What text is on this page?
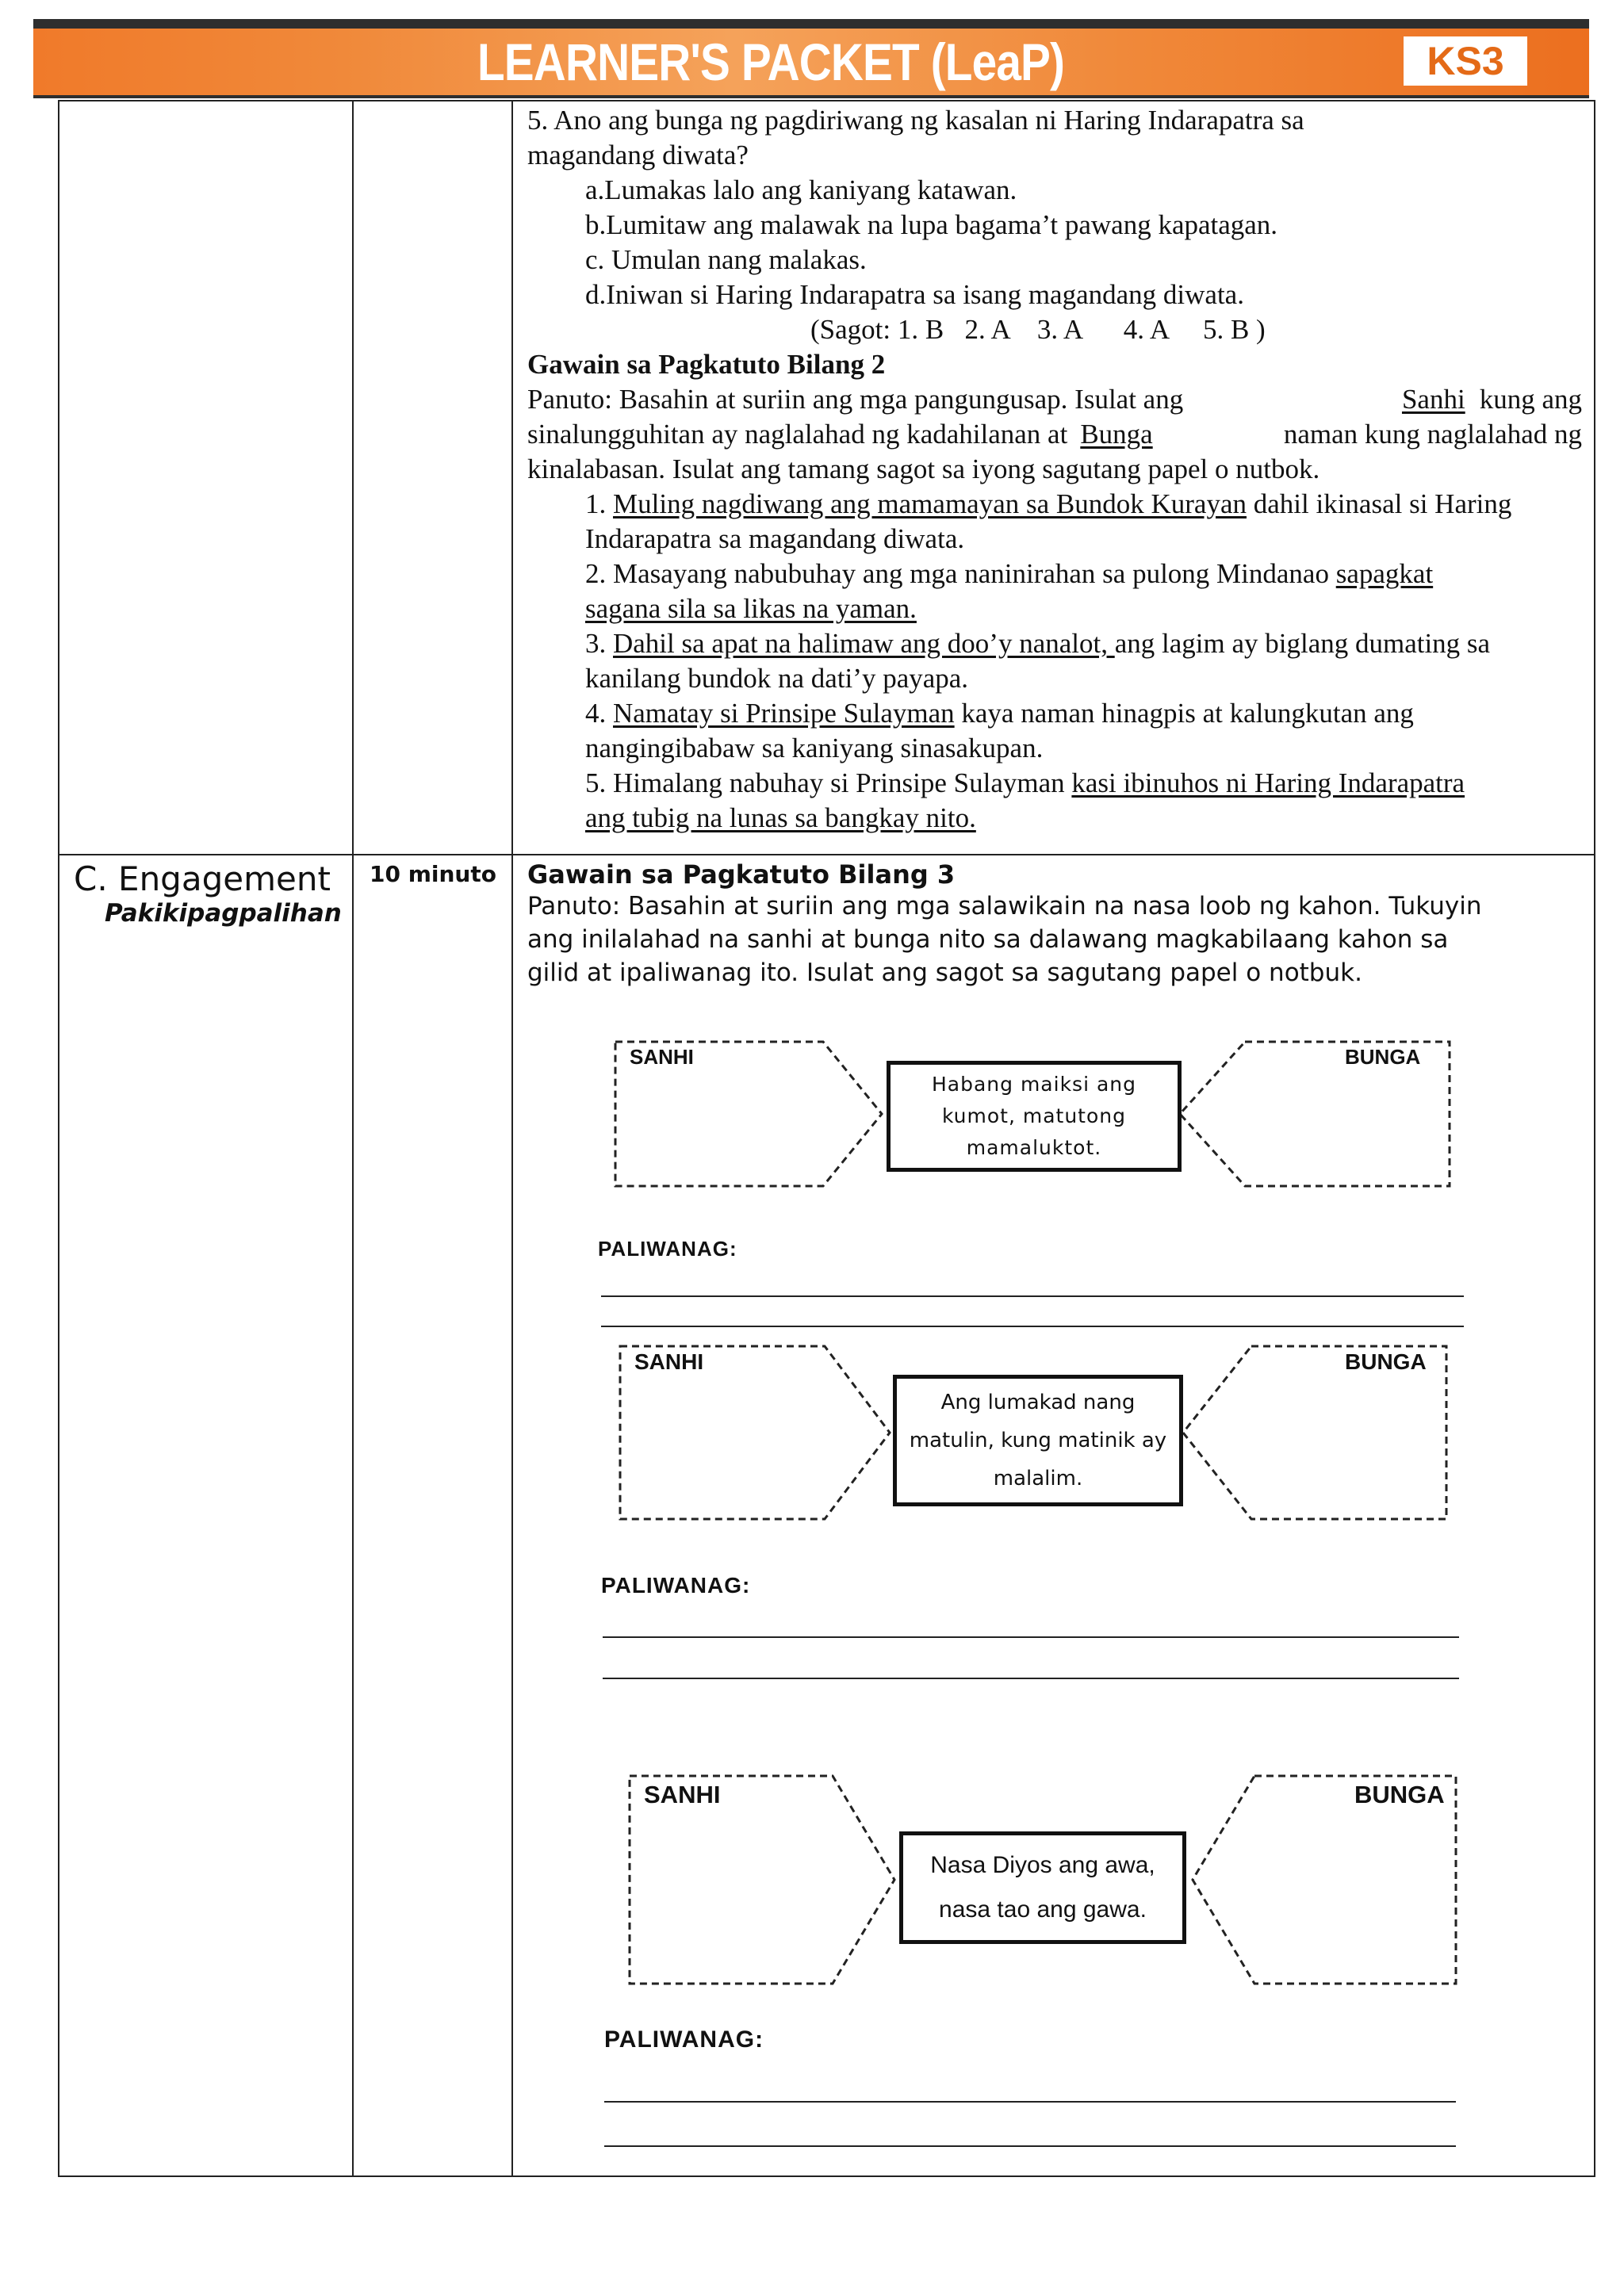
LEARNER'S PACKET (LeaP)	KS3
5. Ano ang bunga ng pagdiriwang ng kasalan ni Haring Indarapatra sa
magandang diwata?
a.Lumakas lalo ang kaniyang katawan.
b.Lumitaw ang malawak na lupa bagama’t pawang kapatagan.
c. Umulan nang malakas.
d.Iniwan si Haring Indarapatra sa isang magandang diwata.
(Sagot: 1. B   2. A    3. A      4. A     5. B )
Gawain sa Pagkatuto Bilang 2
Panuto: Basahin at suriin ang mga pangungusap. Isulat ang	Sanhi kung ang
sinalungguhitan ay naglalahad ng kadahilanan at Bunga	naman kung naglalahad ng
kinalabasan. Isulat ang tamang sagot sa iyong sagutang papel o nutbok.
1. Muling nagdiwang ang mamamayan sa Bundok Kurayan dahil ikinasal si Haring
Indarapatra sa magandang diwata.
2. Masayang nabubuhay ang mga naninirahan sa pulong Mindanao sapagkat
sagana sila sa likas na yaman.
3. Dahil sa apat na halimaw ang doo’y nanalot, ang lagim ay biglang dumating sa
kanilang bundok na dati’y payapa.
4. Namatay si Prinsipe Sulayman kaya naman hinagpis at kalungkutan ang
nangingibabaw sa kaniyang sinasakupan.
5. Himalang nabuhay si Prinsipe Sulayman kasi ibinuhos ni Haring Indarapatra
ang tubig na lunas sa bangkay nito.
C. Engagement
Pakikipagpalihan
10 minuto Gawain sa Pagkatuto Bilang 3
Panuto: Basahin at suriin ang mga salawikain na nasa loob ng kahon. Tukuyin
ang inilalahad na sanhi at bunga nito sa dalawang magkabilaang kahon sa
gilid at ipaliwanag ito. Isulat ang sagot sa sagutang papel o notbuk.
SANHI	BUNGA
Habang maiksi ang
kumot, matutong
mamaluktot.
PALIWANAG:
SANHI	BUNGA
Ang lumakad nang
matulin, kung matinik ay
malalim.
PALIWANAG:
SANHI	BUNGA
Nasa Diyos ang awa,
nasa tao ang gawa.
PALIWANAG:
